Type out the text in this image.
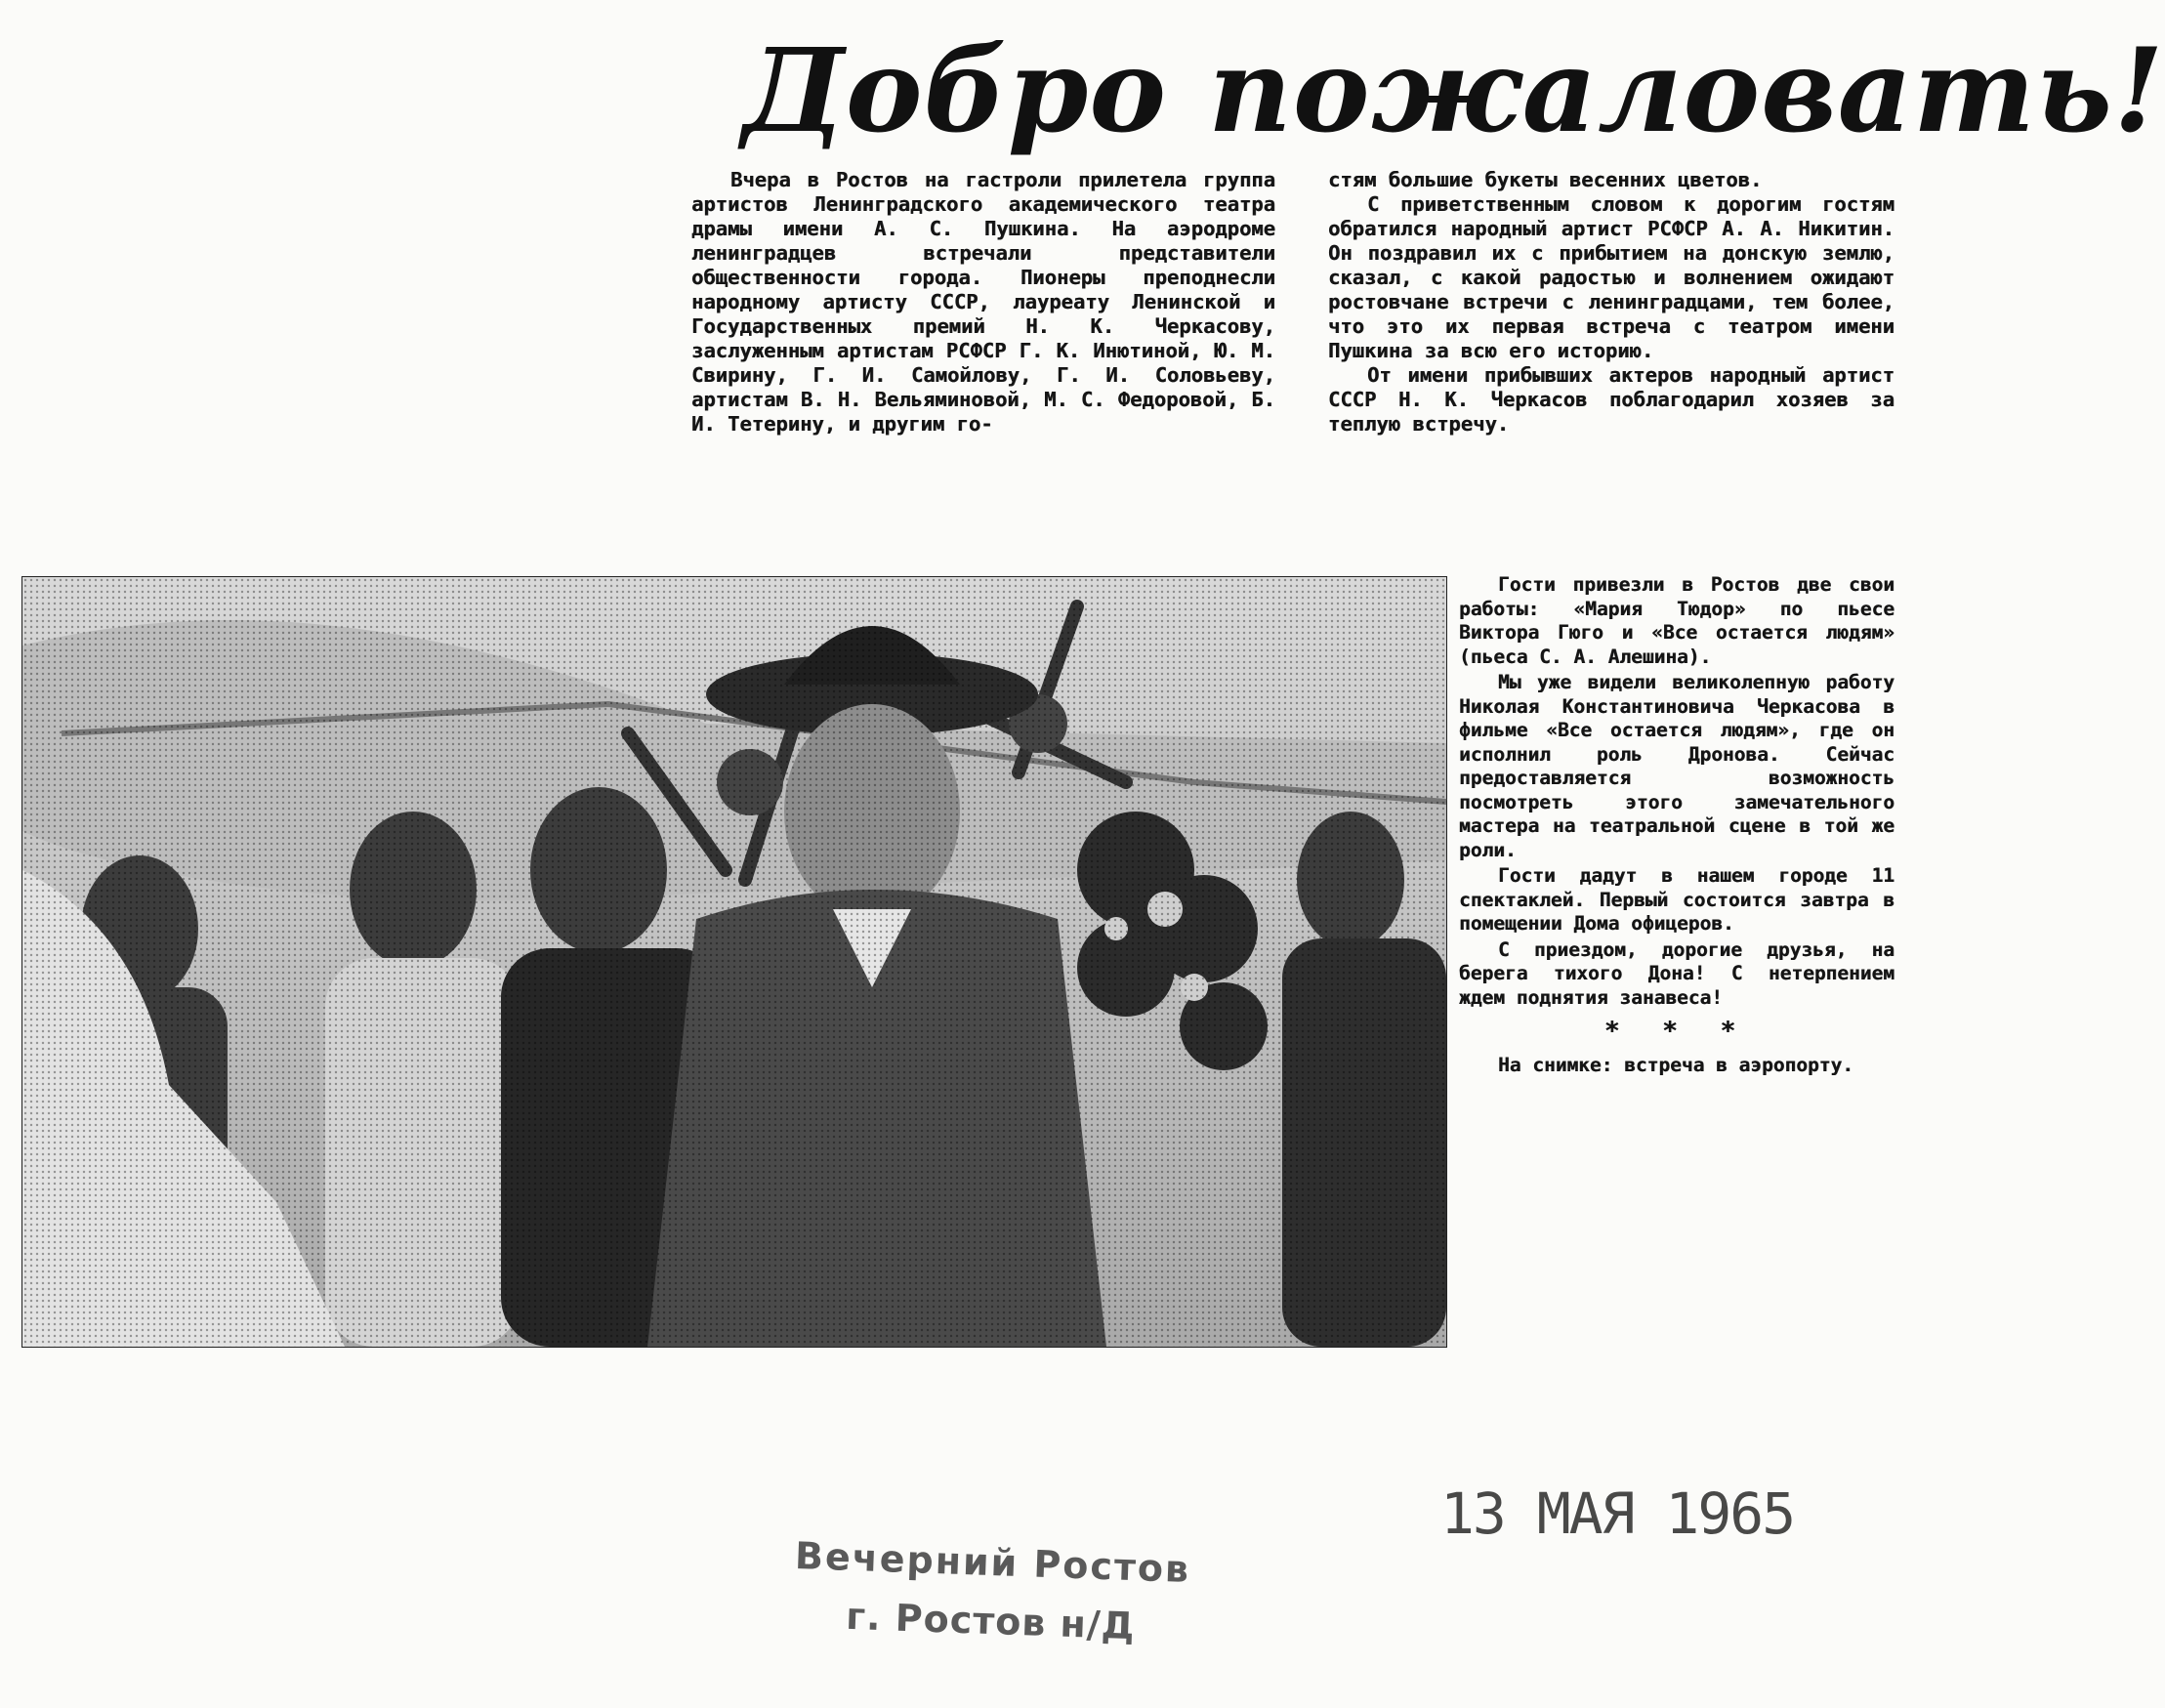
Добро пожаловать!

Вчера в Ростов на гастроли прилетела группа артистов Ленинградского академического театра драмы имени А. С. Пушкина. На аэродроме ленинградцев встречали представители общественности города. Пионеры преподнесли народному артисту СССР, лауреату Ленинской и Государственных премий Н. К. Черкасову, заслуженным артистам РСФСР Г. К. Инютиной, Ю. М. Свирину, Г. И. Самойлову, Г. И. Соловьеву, артистам В. Н. Вельяминовой, М. С. Федоровой, Б. И. Тетерину, и другим го-

стям большие букеты весенних цветов.

С приветственным словом к дорогим гостям обратился народный артист РСФСР А. А. Никитин. Он поздравил их с прибытием на донскую землю, сказал, с какой радостью и волнением ожидают ростовчане встречи с ленинградцами, тем более, что это их первая встреча с театром имени Пушкина за всю его историю.

От имени прибывших актеров народный артист СССР Н. К. Черкасов поблагодарил хозяев за теплую встречу.

Гости привезли в Ростов две свои работы: «Мария Тюдор» по пьесе Виктора Гюго и «Все остается людям» (пьеса С. А. Алешина).

Мы уже видели великолепную работу Николая Константиновича Черкасова в фильме «Все остается людям», где он исполнил роль Дронова. Сейчас предоставляется возможность посмотреть этого замечательного мастера на театральной сцене в той же роли.

Гости дадут в нашем городе 11 спектаклей. Первый состоится завтра в помещении Дома офицеров.

С приездом, дорогие друзья, на берега тихого Дона! С нетерпением ждем поднятия занавеса!

* * *

На снимке: встреча в аэропорту.

13 МАЯ 1965
Вечерний Ростов
г. Ростов н/Д
